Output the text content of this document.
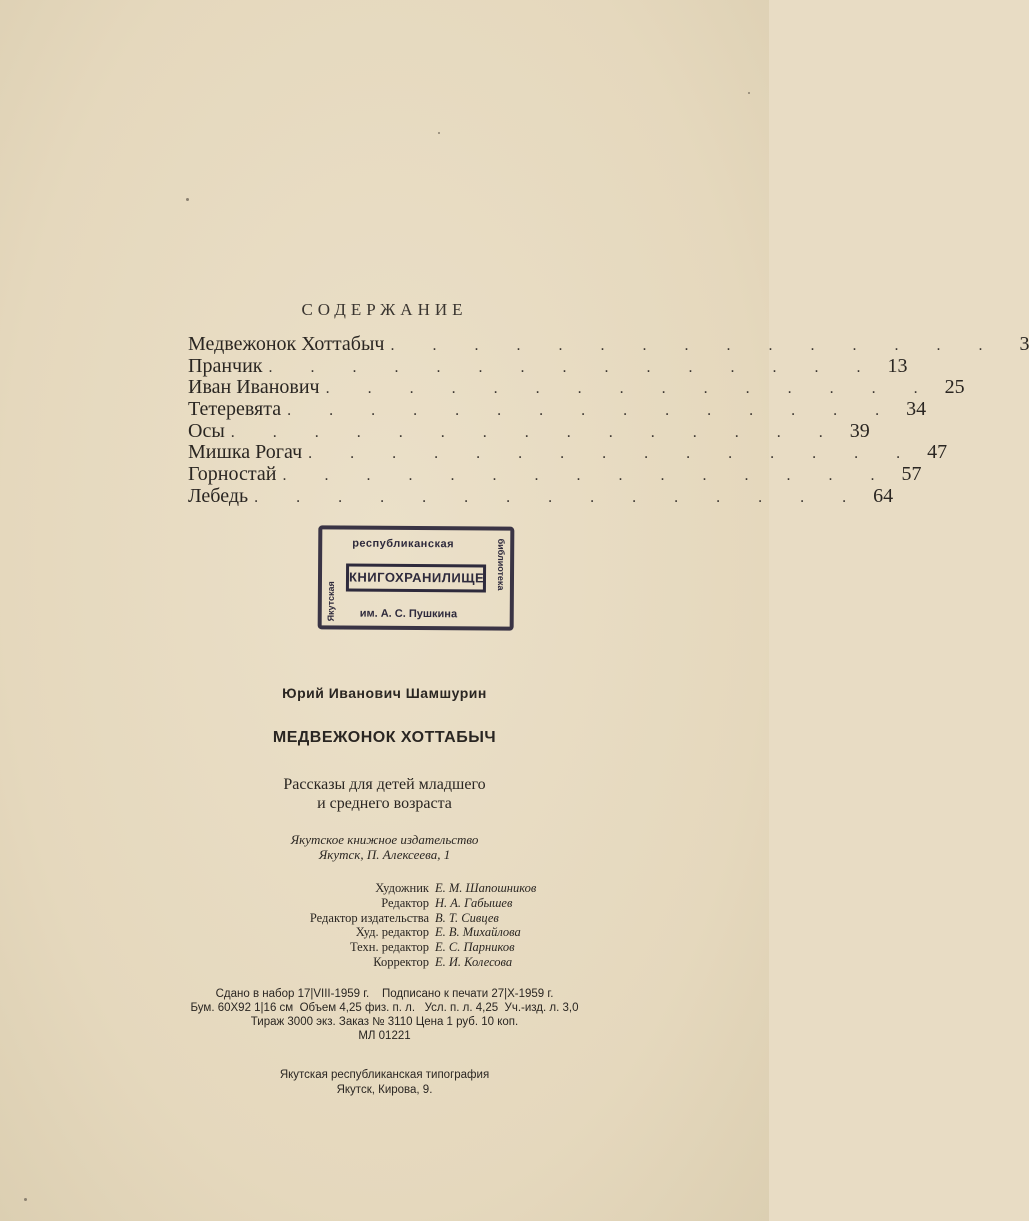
СОДЕРЖАНИЕ
Медвежонок Хоттабыч . . . . . . . . . . . . . . .	3
Пранчик . . . . . . . . . . . . . . . 13
Иван Иванович . . . . . . . . . . . . . . . 25
Тетеревята . . . . . . . . . . . . . . . 34
Осы . . . . . . . . . . . . . . . 39
Мишка Рогач . . . . . . . . . . . . . . . 47
Горностай . . . . . . . . . . . . . . . 57
Лебедь . . . . . . . . . . . . . . . 64
Якутская
республиканская
КНИГОХРАНИЛИЩЕ
им. А. С. Пушкина
библиотека
Юрий Иванович Шамшурин
МЕДВЕЖОНОК ХОТТАБЫЧ
Рассказы для детей младшего
и среднего возраста
Якутское книжное издательство
Якутск, П. Алексеева, 1
Художник Е. М. Шапошников
Редактор Н. А. Габышев
Редактор издательства В. Т. Сивцев
Худ. редактор Е. В. Михайлова
Техн. редактор Е. С. Парников
Корректор Е. И. Колесова
Сдано в набор 17|VIII-1959 г.    Подписано к печати 27|X-1959 г.
Бум. 60X92 1|16 см  Объем 4,25 физ. п. л.   Усл. п. л. 4,25  Уч.-изд. л. 3,0
Тираж 3000 экз. Заказ № 3110 Цена 1 руб. 10 коп.
МЛ 01221
Якутская республиканская типография
Якутск, Кирова, 9.
